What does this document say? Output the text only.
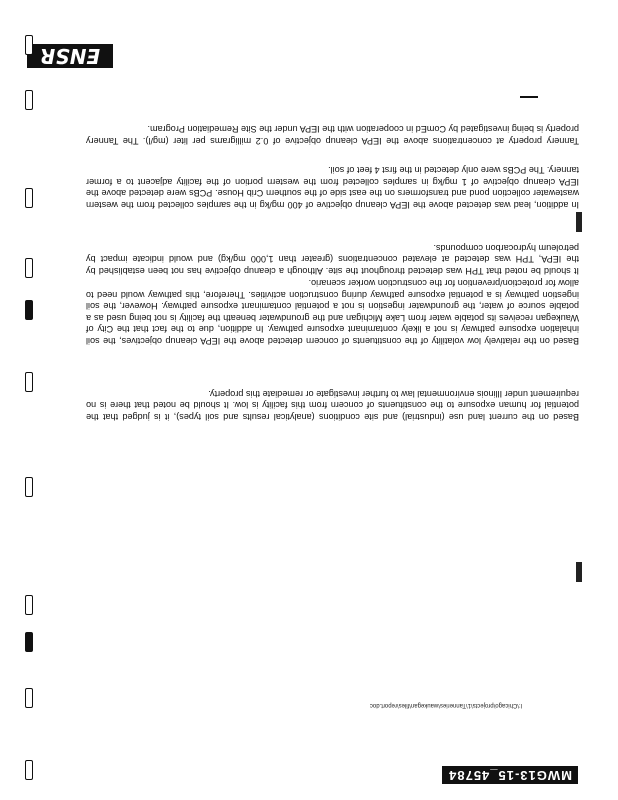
MWG13-15_45784
l:\Chicago\projects\1\Tanneries\waukegan\files\report.doc
ENSR

Based on the current land use (industrial) and site conditions (analytical results and soil types), it is judged that the potential for human exposure to the constituents of concern from this facility is low. It should be noted that there is no requirement under Illinois environmental law to further investigate or remediate this property.

Based on the relatively low volatility of the constituents of concern detected above the IEPA cleanup objectives, the soil inhalation exposure pathway is not a likely contaminant exposure pathway. In addition, due to the fact that the City of Waukegan receives its potable water from Lake Michigan and the groundwater beneath the facility is not being used as a potable source of water, the groundwater ingestion is not a potential contaminant exposure pathway. However, the soil ingestion pathway is a potential exposure pathway during construction activities. Therefore, this pathway would need to allow for protection/prevention for the construction worker scenario.

It should be noted that TPH was detected throughout the site. Although a cleanup objective has not been established by the IEPA, TPH was detected at elevated concentrations (greater than 1,000 mg/kg) and would indicate impact by petroleum hydrocarbon compounds.

In addition, lead was detected above the IEPA cleanup objective of 400 mg/kg in the samples collected from the western wastewater collection pond and transformers on the east side of the southern Crib House. PCBs were detected above the IEPA cleanup objective of 1 mg/kg in samples collected from the western portion of the facility adjacent to a former tannery. The PCBs were only detected in the first 4 feet of soil.

Tannery property at concentrations above the IEPA cleanup objective of 0.2 milligrams per liter (mg/l). The Tannery property is being investigated by ComEd in cooperation with the IEPA under the Site Remediation Program.
